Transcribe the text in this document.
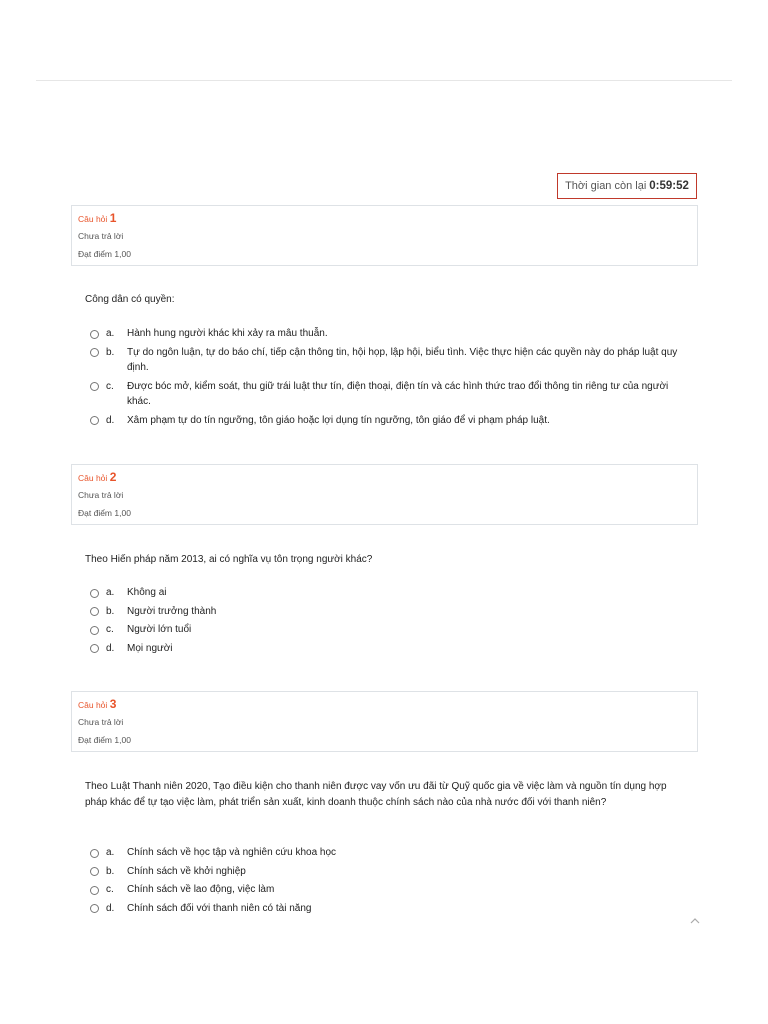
Thời gian còn lại 0:59:52
Câu hỏi 1
Chưa trả lời
Đạt điểm 1,00

Công dân có quyền:

a.	Hành hung người khác khi xảy ra mâu thuẫn.
b.	Tự do ngôn luận, tự do báo chí, tiếp cận thông tin, hội họp, lập hội, biểu tình. Việc thực hiện các quyền này do pháp luật quy định.
c.	Được bóc mở, kiểm soát, thu giữ trái luật thư tín, điện thoại, điện tín và các hình thức trao đổi thông tin riêng tư của người khác.
d.	Xâm phạm tự do tín ngưỡng, tôn giáo hoặc lợi dụng tín ngưỡng, tôn giáo để vi phạm pháp luật.
Câu hỏi 2
Chưa trả lời
Đạt điểm 1,00

Theo Hiến pháp năm 2013, ai có nghĩa vụ tôn trọng người khác?

a.	Không ai
b.	Người trưởng thành
c.	Người lớn tuổi
d.	Mọi người
Câu hỏi 3
Chưa trả lời
Đạt điểm 1,00

Theo Luật Thanh niên 2020, Tạo điều kiện cho thanh niên được vay vốn ưu đãi từ Quỹ quốc gia về việc làm và nguồn tín dụng hợp pháp khác để tự tạo việc làm, phát triển sản xuất, kinh doanh thuộc chính sách nào của nhà nước đối với thanh niên?

a.	Chính sách về học tập và nghiên cứu khoa học
b.	Chính sách về khởi nghiệp
c.	Chính sách về lao động, việc làm
d.	Chính sách đối với thanh niên có tài năng
